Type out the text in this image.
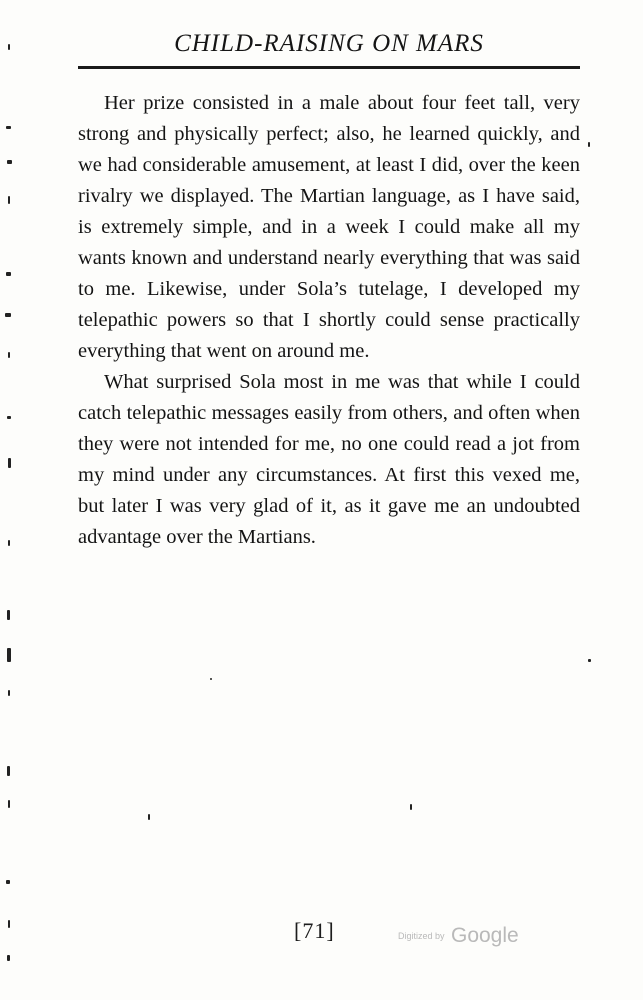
CHILD-RAISING ON MARS

Her prize consisted in a male about four feet tall, very strong and physically perfect; also, he learned quickly, and we had considerable amusement, at least I did, over the keen rivalry we displayed. The Martian language, as I have said, is extremely simple, and in a week I could make all my wants known and understand nearly everything that was said to me. Likewise, under Sola’s tutelage, I developed my telepathic powers so that I shortly could sense practically everything that went on around me.

What surprised Sola most in me was that while I could catch telepathic messages easily from others, and often when they were not intended for me, no one could read a jot from my mind under any circumstances. At first this vexed me, but later I was very glad of it, as it gave me an undoubted advantage over the Martians.

[71]	Digitized by Google
